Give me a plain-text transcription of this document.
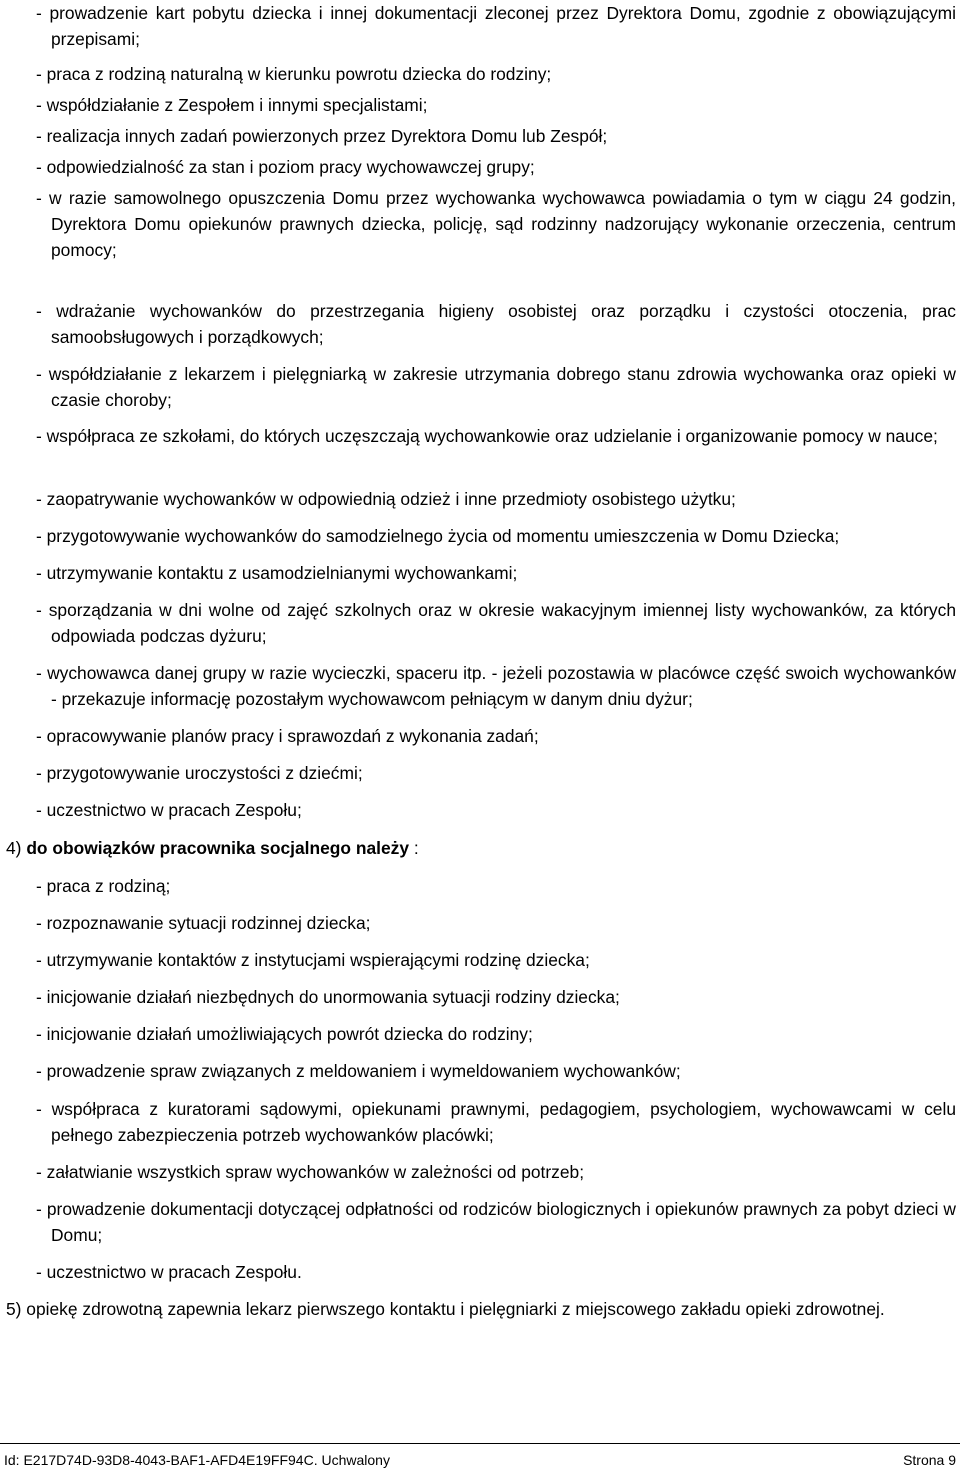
- prowadzenie kart pobytu dziecka i innej dokumentacji zleconej przez Dyrektora Domu, zgodnie z obowiązującymi przepisami;
- praca z rodziną naturalną w kierunku powrotu dziecka do rodziny;
- współdziałanie z Zespołem i innymi specjalistami;
- realizacja innych zadań powierzonych przez Dyrektora Domu lub Zespół;
- odpowiedzialność za stan i poziom pracy wychowawczej grupy;
- w razie samowolnego opuszczenia Domu przez wychowanka wychowawca powiadamia o tym w ciągu 24 godzin, Dyrektora Domu opiekunów prawnych dziecka, policję, sąd rodzinny nadzorujący wykonanie orzeczenia, centrum pomocy;
- wdrażanie wychowanków do przestrzegania higieny osobistej oraz porządku i czystości otoczenia, prac samoobsługowych i porządkowych;
- współdziałanie z lekarzem i pielęgniarką w zakresie utrzymania dobrego stanu zdrowia wychowanka oraz opieki w czasie choroby;
- współpraca ze szkołami, do których uczęszczają wychowankowie oraz udzielanie i organizowanie pomocy w nauce;
- zaopatrywanie wychowanków w odpowiednią odzież i inne przedmioty osobistego użytku;
- przygotowywanie wychowanków do samodzielnego życia od momentu umieszczenia w Domu Dziecka;
- utrzymywanie kontaktu z usamodzielnianymi wychowankami;
- sporządzania w dni wolne od zajęć szkolnych oraz w okresie wakacyjnym imiennej listy wychowanków, za których odpowiada podczas dyżuru;
- wychowawca danej grupy w razie wycieczki, spaceru itp. - jeżeli pozostawia w placówce część swoich wychowanków - przekazuje informację pozostałym wychowawcom pełniącym w danym dniu dyżur;
- opracowywanie planów pracy i sprawozdań z wykonania zadań;
- przygotowywanie uroczystości z dziećmi;
- uczestnictwo w pracach Zespołu;
4) do obowiązków pracownika socjalnego należy :
- praca z rodziną;
- rozpoznawanie sytuacji rodzinnej dziecka;
- utrzymywanie kontaktów z instytucjami wspierającymi rodzinę dziecka;
- inicjowanie działań niezbędnych do unormowania sytuacji rodziny dziecka;
- inicjowanie działań umożliwiających powrót dziecka do rodziny;
- prowadzenie spraw związanych z meldowaniem i wymeldowaniem wychowanków;
- współpraca z kuratorami sądowymi, opiekunami prawnymi, pedagogiem, psychologiem, wychowawcami w celu pełnego zabezpieczenia potrzeb wychowanków placówki;
- załatwianie wszystkich spraw wychowanków w zależności od potrzeb;
- prowadzenie dokumentacji dotyczącej odpłatności od rodziców biologicznych i opiekunów prawnych za pobyt dzieci w Domu;
- uczestnictwo w pracach Zespołu.
5) opiekę zdrowotną zapewnia lekarz pierwszego kontaktu i pielęgniarki z miejscowego zakładu opieki zdrowotnej.
Id: E217D74D-93D8-4043-BAF1-AFD4E19FF94C. Uchwalony	Strona 9
